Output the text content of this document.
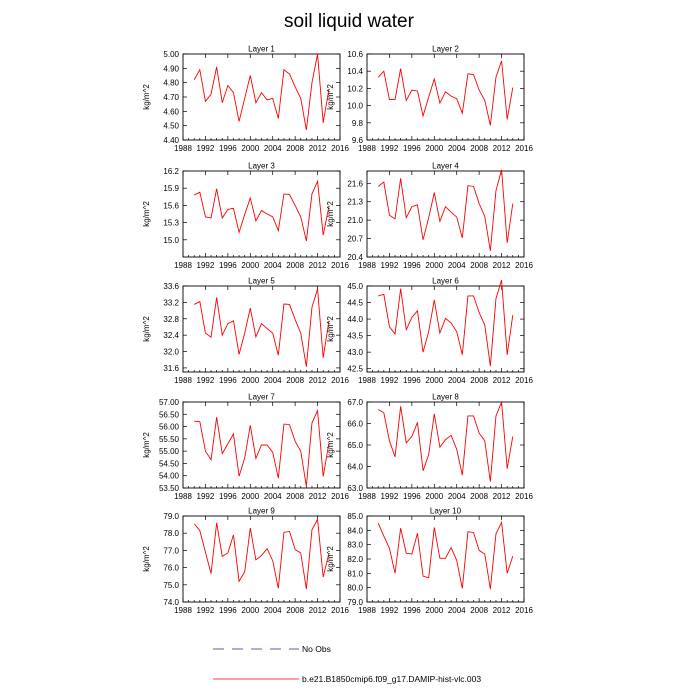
soil liquid water
Layer 1
1988 1992 1996 2000 2004 2008 2012 2016
4.40
4.50
4.60
4.70
4.80
4.90
5.00
kg/m^2
Layer 2
1988 1992 1996 2000 2004 2008 2012 2016
9.6
9.8
10.0
10.2
10.4
10.6
kg/m^2
Layer 3
1988 1992 1996 2000 2004 2008 2012 2016
15.0
15.3
15.6
15.9
16.2
kg/m^2
Layer 4
1988 1992 1996 2000 2004 2008 2012 2016
20.4
20.7
21.0
21.3
21.6
kg/m^2
Layer 5
1988 1992 1996 2000 2004 2008 2012 2016
31.6
32.0
32.4
32.8
33.2
33.6
kg/m^2
Layer 6
1988 1992 1996 2000 2004 2008 2012 2016
42.5
43.0
43.5
44.0
44.5
45.0
kg/m^2
Layer 7
1988 1992 1996 2000 2004 2008 2012 2016
53.50
54.00
54.50
55.00
55.50
56.00
56.50
57.00
kg/m^2
Layer 8
1988 1992 1996 2000 2004 2008 2012 2016
63.0
64.0
65.0
66.0
67.0
kg/m^2
Layer 9
1988 1992 1996 2000 2004 2008 2012 2016
74.0
75.0
76.0
77.0
78.0
79.0
kg/m^2
Layer 10
1988 1992 1996 2000 2004 2008 2012 2016
79.0
80.0
81.0
82.0
83.0
84.0
85.0
kg/m^2
No Obs
b.e21.B1850cmip6.f09_g17.DAMIP-hist-vlc.003
